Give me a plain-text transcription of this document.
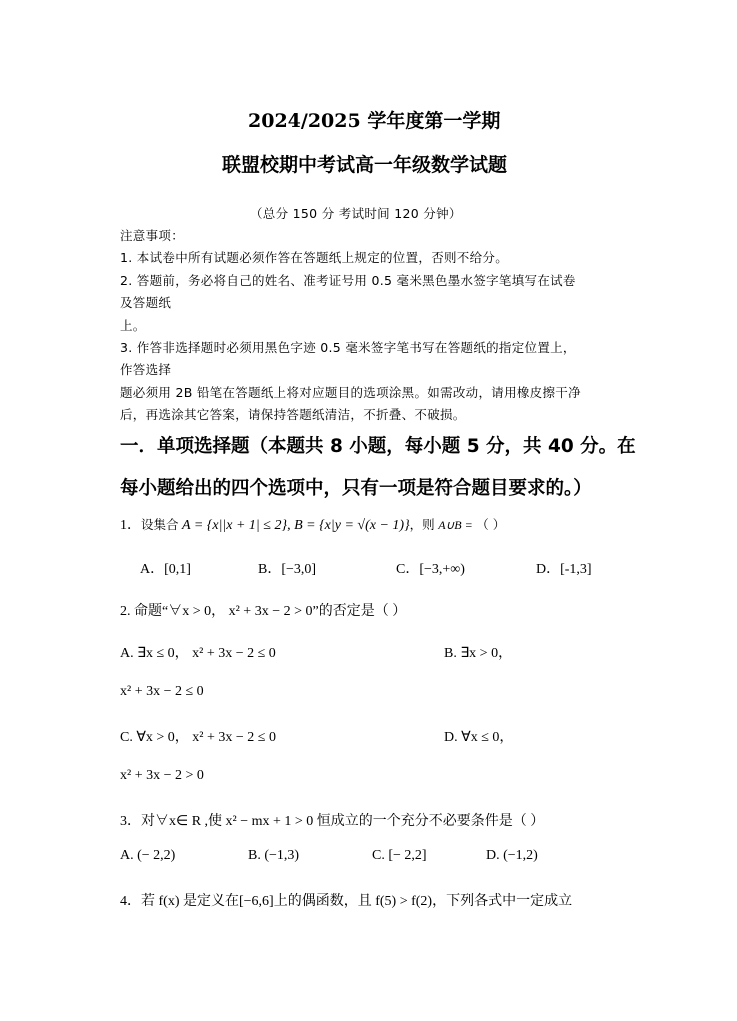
2024/2025 学年度第一学期
联盟校期中考试高一年级数学试题
（总分 150 分 考试时间 120 分钟）
注意事项：
1. 本试卷中所有试题必须作答在答题纸上规定的位置，否则不给分。
2. 答题前，务必将自己的姓名、准考证号用 0.5 毫米黑色墨水签字笔填写在试卷
及答题纸
上。
3. 作答非选择题时必须用黑色字迹 0.5 毫米签字笔书写在答题纸的指定位置上，
作答选择
题必须用 2B 铅笔在答题纸上将对应题目的选项涂黑。如需改动，请用橡皮擦干净
后，再选涂其它答案，请保持答题纸清洁，不折叠、不破损。
一．单项选择题（本题共 8 小题，每小题 5 分，共 40 分。在
每小题给出的四个选项中，只有一项是符合题目要求的。）
1．设集合 A = {x||x + 1| ≤ 2}, B = {x|y = √(x − 1)}，则 A∪B = （ ）
A．[0,1]	B．[−3,0]	C．[−3,+∞)	D．[-1,3]
2. 命题“∀x > 0， x² + 3x − 2 > 0”的否定是（ ）
A. ∃x ≤ 0， x² + 3x − 2 ≤ 0	B. ∃x > 0，
x² + 3x − 2 ≤ 0
C. ∀x > 0， x² + 3x − 2 ≤ 0	D. ∀x ≤ 0，
x² + 3x − 2 > 0
3．对∀x∈ R ,使 x² − mx + 1 > 0 恒成立的一个充分不必要条件是（ ）
A. (− 2,2)	B. (−1,3)	C. [− 2,2]	D. (−1,2)
4．若 f(x) 是定义在[−6,6]上的偶函数，且 f(5) > f(2)，下列各式中一定成立
